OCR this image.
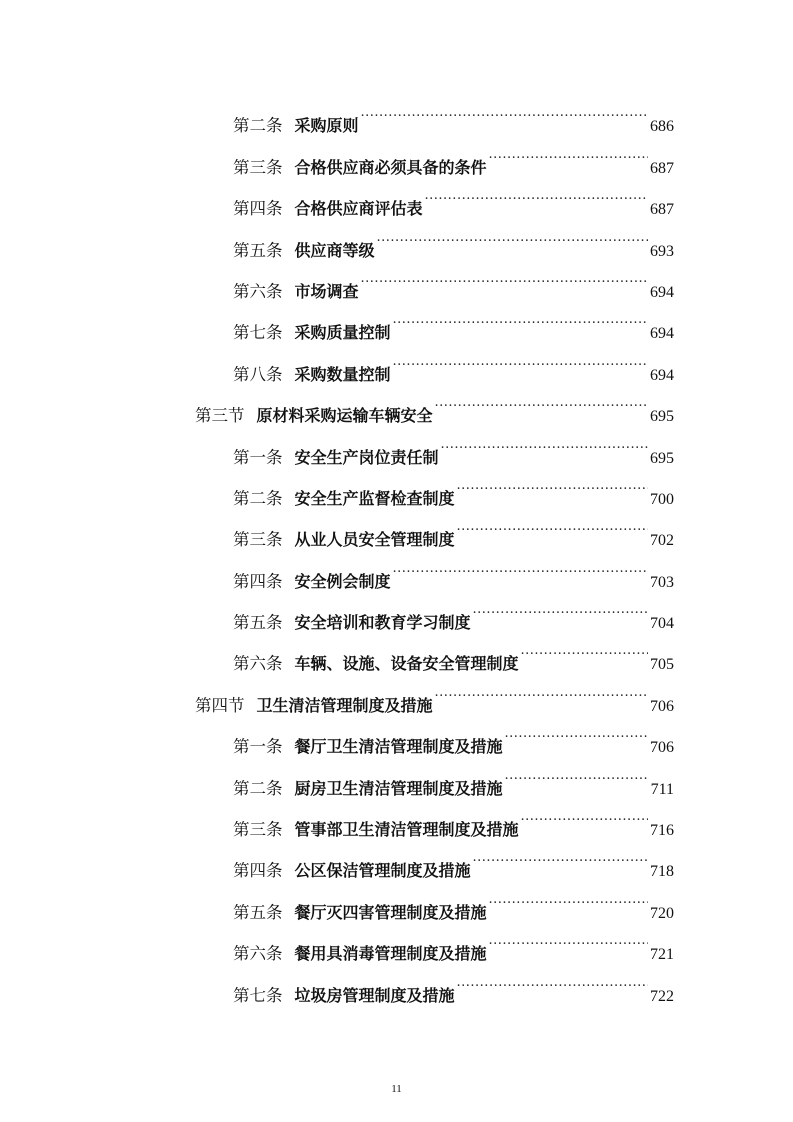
第二条 采购原则 .....	686
第三条 合格供应商必须具备的条件 .....	687
第四条 合格供应商评估表 .....	687
第五条 供应商等级 .....	693
第六条 市场调查 .....	694
第七条 采购质量控制 .....	694
第八条 采购数量控制 .....	694
第三节 原材料采购运输车辆安全 .....	695
第一条 安全生产岗位责任制 .....	695
第二条 安全生产监督检查制度 .....	700
第三条 从业人员安全管理制度 .....	702
第四条 安全例会制度 .....	703
第五条 安全培训和教育学习制度 .....	704
第六条 车辆、设施、设备安全管理制度 .....	705
第四节 卫生清洁管理制度及措施 .....	706
第一条 餐厅卫生清洁管理制度及措施 .....	706
第二条 厨房卫生清洁管理制度及措施 .....	711
第三条 管事部卫生清洁管理制度及措施 .....	716
第四条 公区保洁管理制度及措施 .....	718
第五条 餐厅灭四害管理制度及措施 .....	720
第六条 餐用具消毒管理制度及措施 .....	721
第七条 垃圾房管理制度及措施 .....	722
11
